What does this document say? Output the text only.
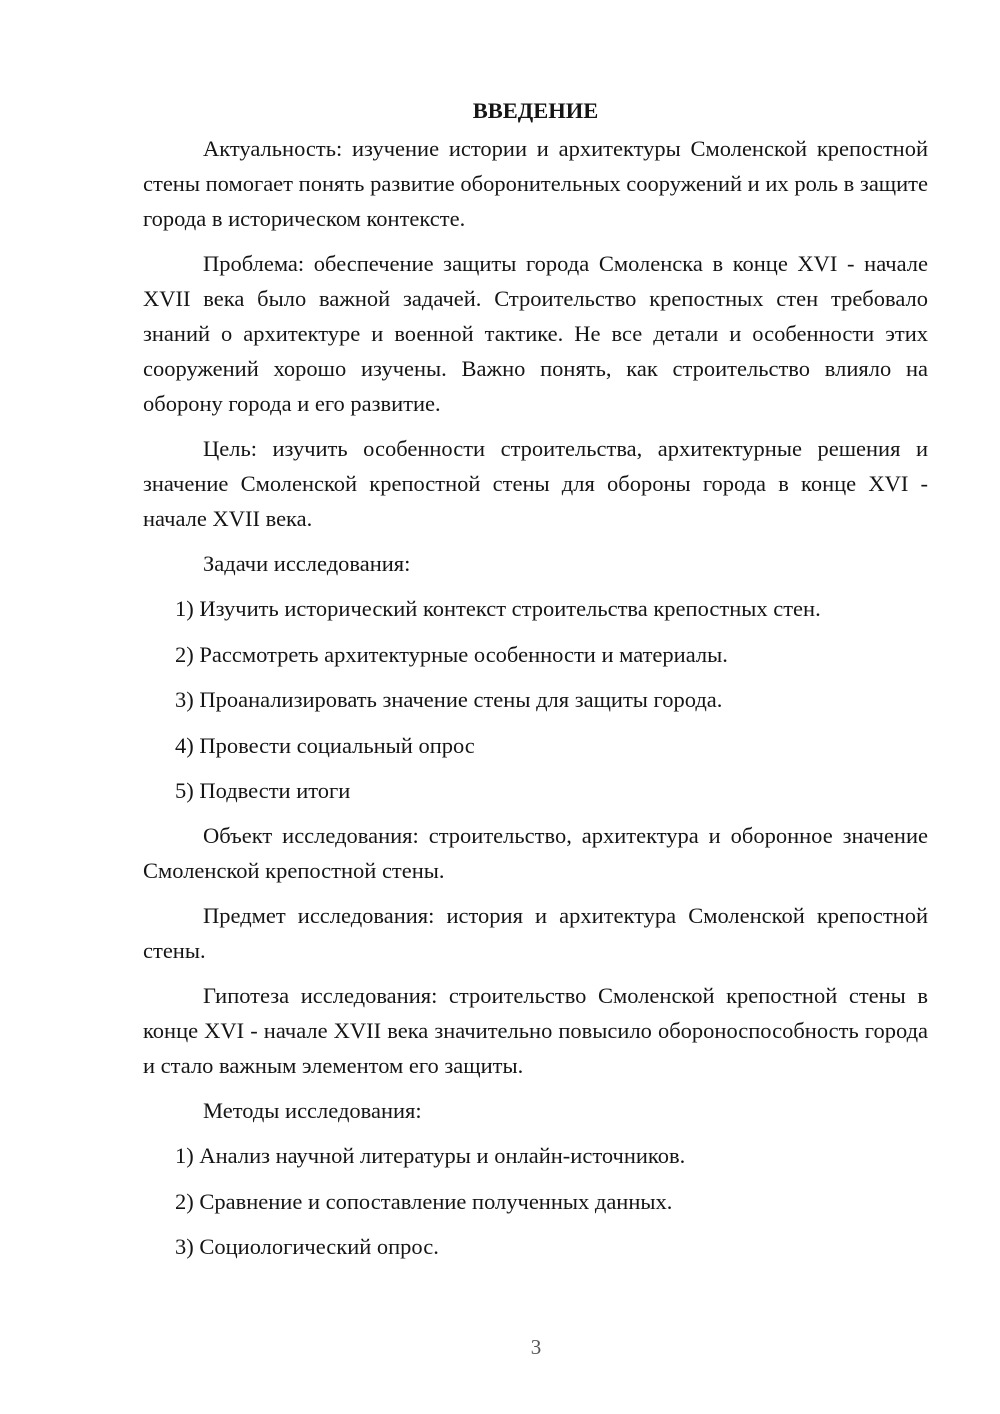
ВВЕДЕНИЕ

Актуальность: изучение истории и архитектуры Смоленской крепостной стены помогает понять развитие оборонительных сооружений и их роль в защите города в историческом контексте.

Проблема: обеспечение защиты города Смоленска в конце XVI - начале XVII века было важной задачей. Строительство крепостных стен требовало знаний о архитектуре и военной тактике. Не все детали и особенности этих сооружений хорошо изучены. Важно понять, как строительство влияло на оборону города и его развитие.

Цель: изучить особенности строительства, архитектурные решения и значение Смоленской крепостной стены для обороны города в конце XVI - начале XVII века.

Задачи исследования:

1) Изучить исторический контекст строительства крепостных стен.
2) Рассмотреть архитектурные особенности и материалы.
3) Проанализировать значение стены для защиты города.
4) Провести социальный опрос
5) Подвести итоги

Объект исследования: строительство, архитектура и оборонное значение Смоленской крепостной стены.

Предмет исследования: история и архитектура Смоленской крепостной стены.

Гипотеза исследования: строительство Смоленской крепостной стены в конце XVI - начале XVII века значительно повысило обороноспособность города и стало важным элементом его защиты.

Методы исследования:

1) Анализ научной литературы и онлайн-источников.
2) Сравнение и сопоставление полученных данных.
3) Социологический опрос.
3
